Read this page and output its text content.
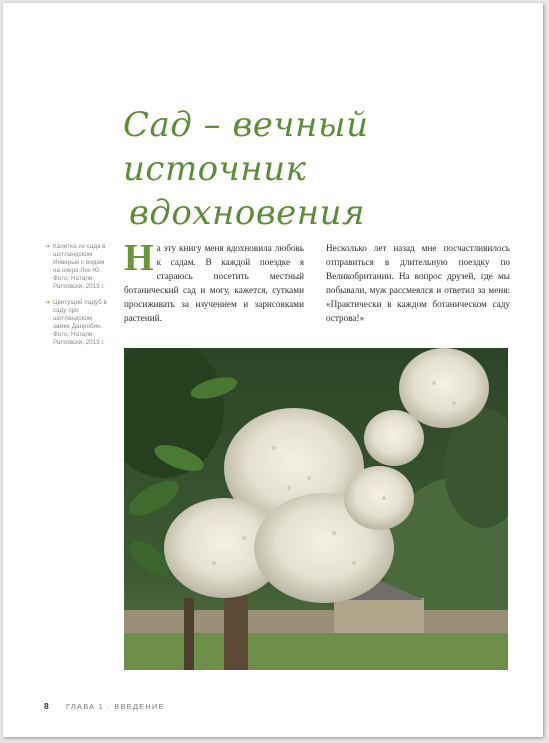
Сад – вечный источник
вдохновения
➔ Калитка из сада в шотландском Инверью с видом на озеро Лох-Ю. Фото: Натали Ратковски, 2015 г.
➔ Цветущий падуб в саду при шотландском замке Данробин. Фото: Натали Ратковски, 2015 г.
Н а эту книгу меня вдохновила любовь к садам. В каждой поездке я стараюсь посетить местный ботанический сад и могу, кажется, сутками просиживать за изучением и зарисовками растений.
Несколько лет назад мне посчастливилось отправиться в длительную поездку по Великобритании. На вопрос друзей, где мы побывали, муж рассмеялся и ответил за меня: «Практически в каждом ботаническом саду острова!»
8 ГЛАВА 1 · ВВЕДЕНИЕ
